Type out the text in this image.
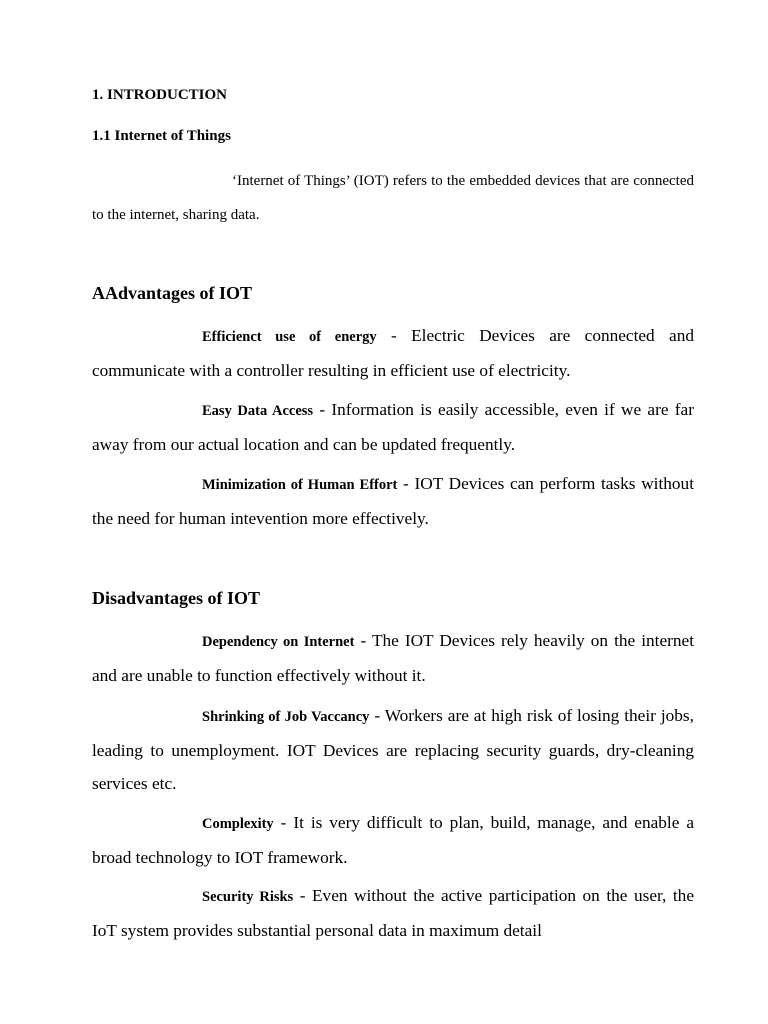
1. INTRODUCTION
1.1 Internet of Things

‘Internet of Things’ (IOT) refers to the embedded devices that are connected to the internet, sharing data.

AAdvantages of IOT

Efficienct use of energy - Electric Devices are connected and communicate with a controller resulting in efficient use of electricity.

Easy Data Access - Information is easily accessible, even if we are far away from our actual location and can be updated frequently.

Minimization of Human Effort - IOT Devices can perform tasks without the need for human intevention more effectively.

Disadvantages of IOT

Dependency on Internet - The IOT Devices rely heavily on the internet and are unable to function effectively without it.

Shrinking of Job Vaccancy - Workers are at high risk of losing their jobs, leading to unemployment. IOT Devices are replacing security guards, dry-cleaning services etc.

Complexity - It is very difficult to plan, build, manage, and enable a broad technology to IOT framework.

Security Risks - Even without the active participation on the user, the IoT system provides substantial personal data in maximum detail
